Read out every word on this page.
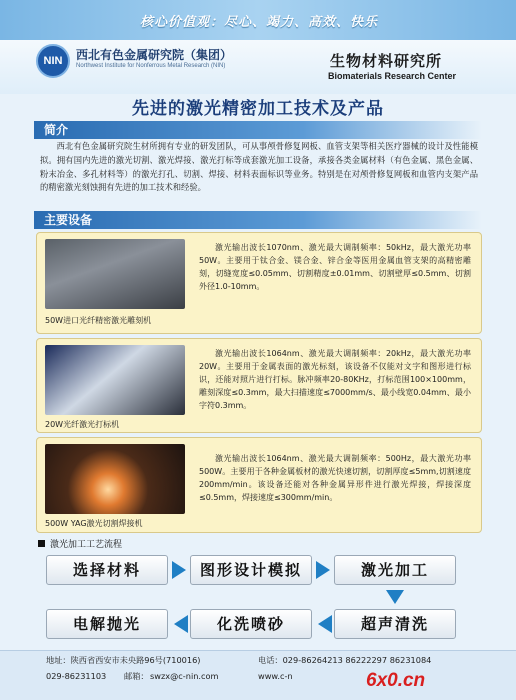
核心价值观：尽心、竭力、高效、快乐
NIN	西北有色金属研究院（集团）
Northwest Institute for Nonferrous Metal Research (NIN)	生物材料研究所
Biomaterials Research Center
先进的激光精密加工技术及产品
简介
西北有色金属研究院生材所拥有专业的研发团队，可从事颅骨修复网板、血管支架等相关医疗器械的设计及性能模拟。拥有国内先进的激光切割、激光焊接、激光打标等成套激光加工设备，承接各类金属材料（有色金属、黑色金属、粉末冶金、多孔材料等）的激光打孔、切割、焊接、材料表面标识等业务。特别是在对颅骨修复网板和血管内支架产品的精密激光刻蚀拥有先进的加工技术和经验。
主要设备
50W进口光纤精密激光雕刻机
激光输出波长1070nm、激光最大调制频率：50kHz，最大激光功率50W。主要用于钛合金、镁合金、锌合金等医用金属血管支架的高精密雕刻，切缝宽度≤0.05mm、切割精度±0.01mm、切割壁厚≤0.5mm、切割外径1.0-10mm。
20W光纤激光打标机
激光输出波长1064nm、激光最大调制频率：20kHz，最大激光功率20W。主要用于金属表面的激光标刻，该设备不仅能对文字和图形进行标识，还能对照片进行打标。脉冲频率20-80KHz，打标范围100×100mm，雕刻深度≤0.3mm，最大扫描速度≤7000mm/s、最小线宽0.04mm、最小字符0.3mm。
500W YAG激光切割焊接机
激光输出波长1064nm、激光最大调制频率：500Hz，最大激光功率500W。主要用于各种金属板材的激光快速切割，切割厚度≤5mm,切割速度200mm/min。该设备还能对各种金属异形件进行激光焊接，焊接深度≤0.5mm，焊接速度≤300mm/min。
激光加工工艺流程
选择材料	图形设计模拟	激光加工
超声清洗
化洗喷砂
电解抛光
地址：陕西省西安市未央路96号(710016)	电话：029-86264213 86222297 86231084
029-86231103 邮箱： swzx@c-nin.com	www.c-n	6x0.cn
